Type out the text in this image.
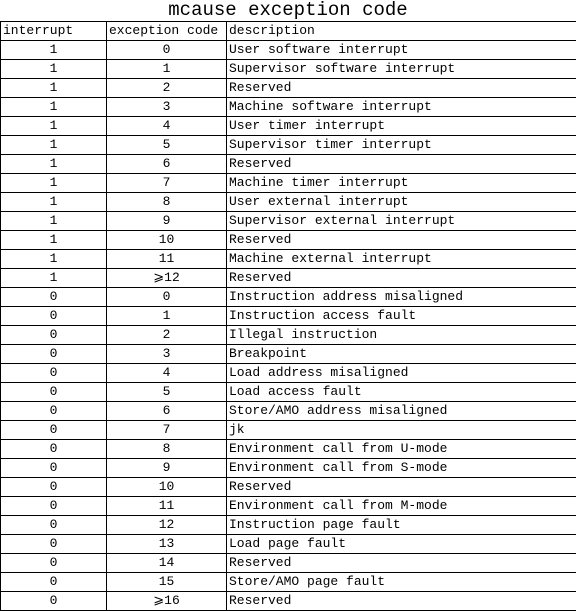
mcause exception code
interrupt	exception code	description
1	0	User software interrupt
1	1	Supervisor software interrupt
1	2	Reserved
1	3	Machine software interrupt
1	4	User timer interrupt
1	5	Supervisor timer interrupt
1	6	Reserved
1	7	Machine timer interrupt
1	8	User external interrupt
1	9	Supervisor external interrupt
1	10	Reserved
1	11	Machine external interrupt
1	⩾12	Reserved
0	0	Instruction address misaligned
0	1	Instruction access fault
0	2	Illegal instruction
0	3	Breakpoint
0	4	Load address misaligned
0	5	Load access fault
0	6	Store/AMO address misaligned
0	7	jk
0	8	Environment call from U-mode
0	9	Environment call from S-mode
0	10	Reserved
0	11	Environment call from M-mode
0	12	Instruction page fault
0	13	Load page fault
0	14	Reserved
0	15	Store/AMO page fault
0	⩾16	Reserved
